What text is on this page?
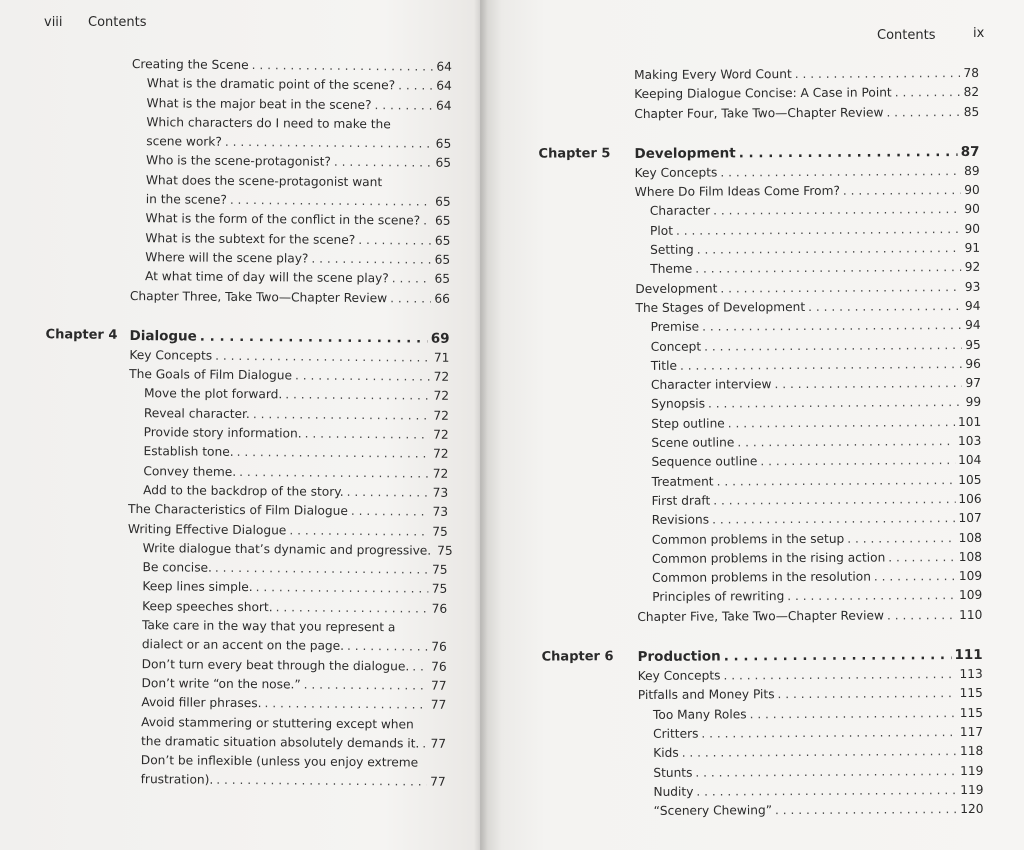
viii Contents
Contents	ix
Creating the Scene . . .	64
What is the dramatic point of the scene? . . .	64
What is the major beat in the scene? . . .	64
Which characters do I need to make the
scene work? . . .	65
Who is the scene-protagonist? . . .	65
What does the scene-protagonist want
in the scene? . . .	65
What is the form of the conflict in the scene? . . . 65
What is the subtext for the scene? . . .	65
Where will the scene play? . . .	65
At what time of day will the scene play? . . .	65
Chapter Three, Take Two—Chapter Review . . .	66
Chapter 4 Dialogue . . .	69
Key Concepts . . .	71
The Goals of Film Dialogue . . .	72
Move the plot forward. . . .	72
Reveal character. . . .	72
Provide story information. . . .	72
Establish tone. . . .	72
Convey theme. . . .	72
Add to the backdrop of the story. . . .	73
The Characteristics of Film Dialogue . . .	73
Writing Effective Dialogue . . .	75
Write dialogue that’s dynamic and progressive. . . . 75
Be concise. . . .	75
Keep lines simple. . . .	75
Keep speeches short. . . .	76
Take care in the way that you represent a
dialect or an accent on the page. . . .	76
Don’t turn every beat through the dialogue. . . . 76
Don’t write “on the nose.” . . .	77
Avoid filler phrases. . . .	77
Avoid stammering or stuttering except when
the dramatic situation absolutely demands it. . . . 77
Don’t be inflexible (unless you enjoy extreme
frustration). . . .	77
Making Every Word Count . . .	78
Keeping Dialogue Concise: A Case in Point . . .	82
Chapter Four, Take Two—Chapter Review . . .	85
Chapter 5 Development . . .	87
Key Concepts . . .	89
Where Do Film Ideas Come From? . . .	90
Character . . .	90
Plot . . .	90
Setting . . .	91
Theme . . .	92
Development . . .	93
The Stages of Development . . .	94
Premise . . .	94
Concept . . .	95
Title . . .	96
Character interview . . .	97
Synopsis . . .	99
Step outline . . .	101
Scene outline . . .	103
Sequence outline . . .	104
Treatment . . .	105
First draft . . .	106
Revisions . . .	107
Common problems in the setup . . .	108
Common problems in the rising action . . .	108
Common problems in the resolution . . .	109
Principles of rewriting . . .	109
Chapter Five, Take Two—Chapter Review . . .	110
Chapter 6 Production . . .	111
Key Concepts . . .	113
Pitfalls and Money Pits . . .	115
Too Many Roles . . .	115
Critters . . .	117
Kids . . .	118
Stunts . . .	119
Nudity . . .	119
“Scenery Chewing” . . .	120
